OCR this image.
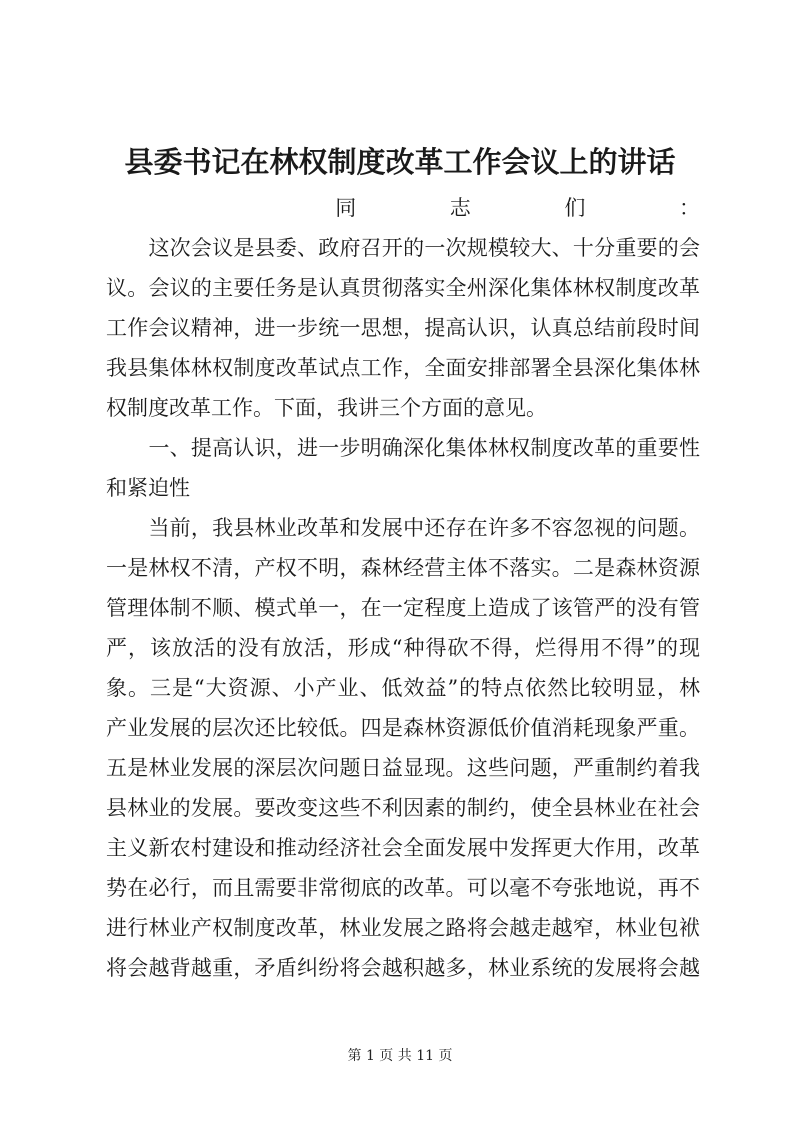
县委书记在林权制度改革工作会议上的讲话
　　同志们：
　　这次会议是县委、政府召开的一次规模较大、十分重要的会
议。会议的主要任务是认真贯彻落实全州深化集体林权制度改革
工作会议精神，进一步统一思想，提高认识，认真总结前段时间
我县集体林权制度改革试点工作，全面安排部署全县深化集体林
权制度改革工作。下面，我讲三个方面的意见。
　　一、提高认识，进一步明确深化集体林权制度改革的重要性
和紧迫性
　　当前，我县林业改革和发展中还存在许多不容忽视的问题。
一是林权不清，产权不明，森林经营主体不落实。二是森林资源
管理体制不顺、模式单一，在一定程度上造成了该管严的没有管
严，该放活的没有放活，形成“种得砍不得，烂得用不得”的现
象。三是“大资源、小产业、低效益”的特点依然比较明显，林
产业发展的层次还比较低。四是森林资源低价值消耗现象严重。
五是林业发展的深层次问题日益显现。这些问题，严重制约着我
县林业的发展。要改变这些不利因素的制约，使全县林业在社会
主义新农村建设和推动经济社会全面发展中发挥更大作用，改革
势在必行，而且需要非常彻底的改革。可以毫不夸张地说，再不
进行林业产权制度改革，林业发展之路将会越走越窄，林业包袱
将会越背越重，矛盾纠纷将会越积越多，林业系统的发展将会越
第 1 页 共 11 页
